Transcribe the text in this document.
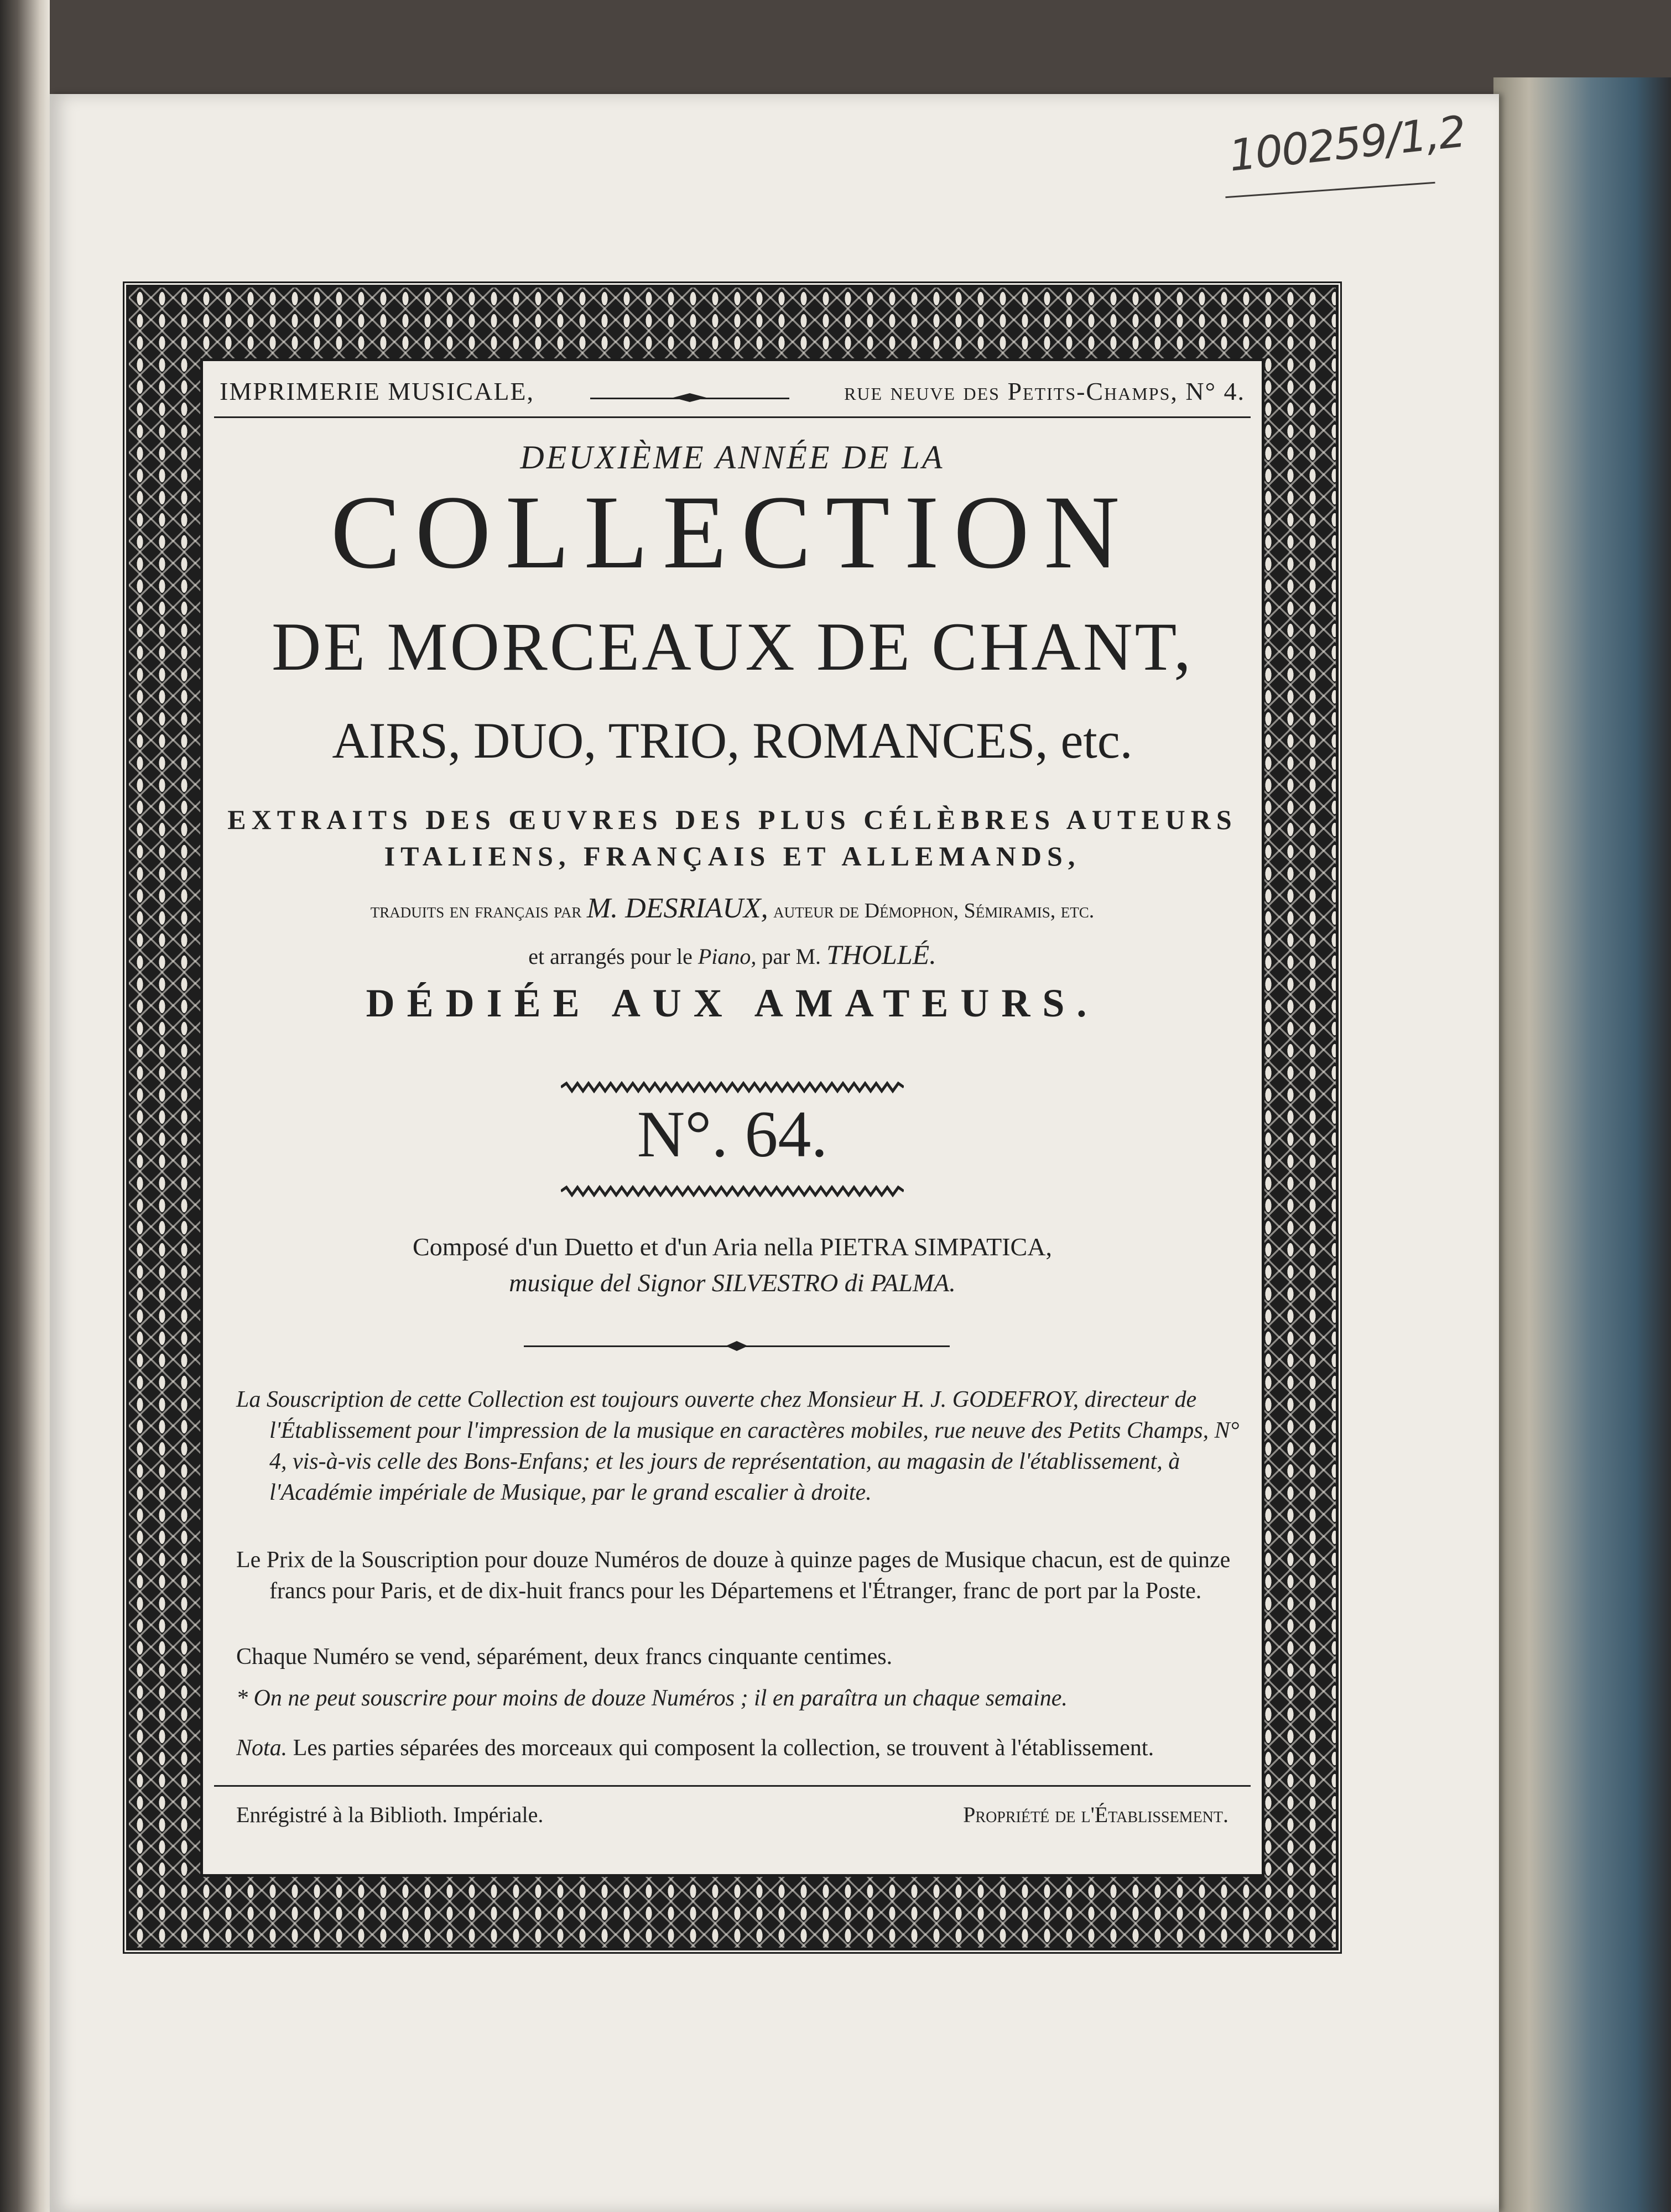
100259/1,2
IMPRIMERIE MUSICALE,	rue neuve des Petits-Champs, N° 4.
DEUXIÈME ANNÉE DE LA
COLLECTION
DE MORCEAUX DE CHANT,
AIRS, DUO, TRIO, ROMANCES, etc.
EXTRAITS DES ŒUVRES DES PLUS CÉLÈBRES AUTEURS
ITALIENS, FRANÇAIS ET ALLEMANDS,
traduits en français par M. DESRIAUX, auteur de Démophon, Sémiramis, etc.
et arrangés pour le Piano, par M. THOLLÉ.
DÉDIÉE AUX AMATEURS.
N°. 64.
Composé d'un Duetto et d'un Aria nella PIETRA SIMPATICA,
musique del Signor SILVESTRO di PALMA.
La Souscription de cette Collection est toujours ouverte chez Monsieur H. J. GODEFROY, directeur de l'Établissement pour l'impression de la musique en caractères mobiles, rue neuve des Petits Champs, N° 4, vis-à-vis celle des Bons-Enfans; et les jours de représentation, au magasin de l'établissement, à l'Académie impériale de Musique, par le grand escalier à droite.
Le Prix de la Souscription pour douze Numéros de douze à quinze pages de Musique chacun, est de quinze francs pour Paris, et de dix-huit francs pour les Départemens et l'Étranger, franc de port par la Poste.
Chaque Numéro se vend, séparément, deux francs cinquante centimes.
* On ne peut souscrire pour moins de douze Numéros ; il en paraîtra un chaque semaine.
Nota. Les parties séparées des morceaux qui composent la collection, se trouvent à l'établissement.
Enrégistré à la Biblioth. Impériale.	Propriété de l'Établissement.
